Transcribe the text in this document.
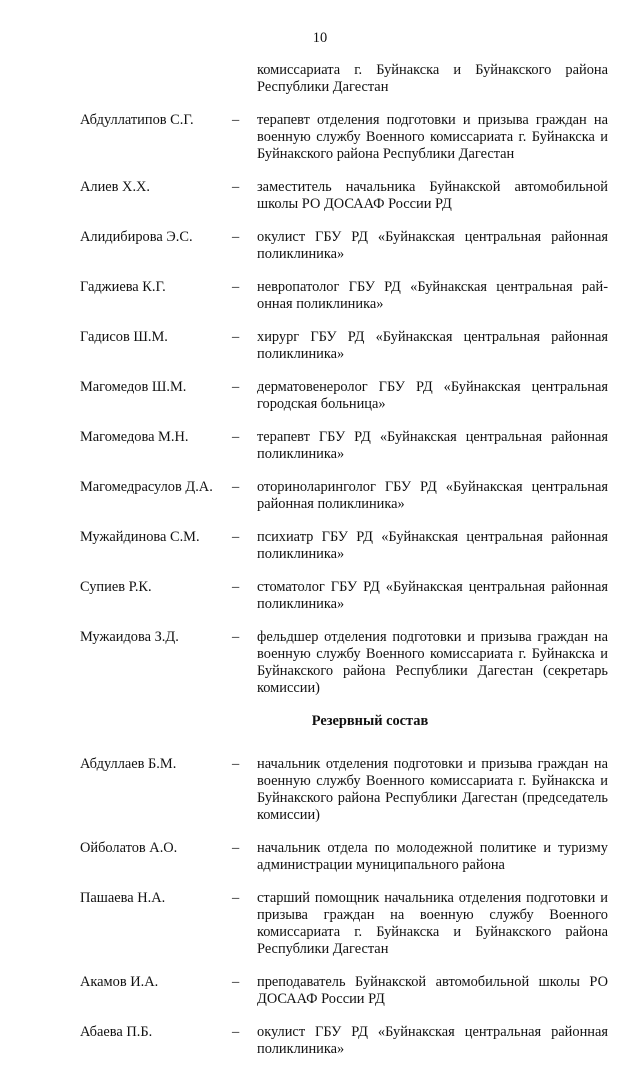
10
комиссариата г. Буйнакска и Буйнакского района Республики Дагестан
Абдуллатипов С.Г.	–	терапевт отделения подготовки и призыва граждан на военную службу Военного комиссариата г. Буйнакска и Буйнакского района Республики Дагестан
Алиев Х.Х.	–	заместитель начальника Буйнакской автомобильной школы РО ДОСААФ России РД
Алидибирова Э.С.	–	окулист ГБУ РД «Буйнакская центральная районная поликлиника»
Гаджиева К.Г.	–	невропатолог ГБУ РД «Буйнакская центральная районная поликлиника»
Гадисов Ш.М.	–	хирург ГБУ РД «Буйнакская центральная районная поликлиника»
Магомедов Ш.М.	–	дерматовенеролог ГБУ РД «Буйнакская центральная городская больница»
Магомедова М.Н.	–	терапевт ГБУ РД «Буйнакская центральная районная поликлиника»
Магомедрасулов Д.А.	–	оториноларинголог ГБУ РД «Буйнакская центральная районная поликлиника»
Мужайдинова С.М.	–	психиатр ГБУ РД «Буйнакская центральная районная поликлиника»
Супиев Р.К.	–	стоматолог ГБУ РД «Буйнакская центральная районная поликлиника»
Мужаидова З.Д.	–	фельдшер отделения подготовки и призыва граждан на военную службу Военного комиссариата г. Буйнакска и Буйнакского района Республики Дагестан (секретарь комиссии)
Резервный состав
Абдуллаев Б.М.	–	начальник отделения подготовки и призыва граждан на военную службу Военного комиссариата г. Буйнакска и Буйнакского района Республики Дагестан (председатель комиссии)
Ойболатов А.О.	–	начальник отдела по молодежной политике и туризму администрации муниципального района
Пашаева Н.А.	–	старший помощник начальника отделения подготовки и призыва граждан на военную службу Военного комиссариата г. Буйнакска и Буйнакского района Республики Дагестан
Акамов И.А.	–	преподаватель Буйнакской автомобильной школы РО ДОСААФ России РД
Абаева П.Б.	–	окулист ГБУ РД «Буйнакская центральная районная поликлиника»
